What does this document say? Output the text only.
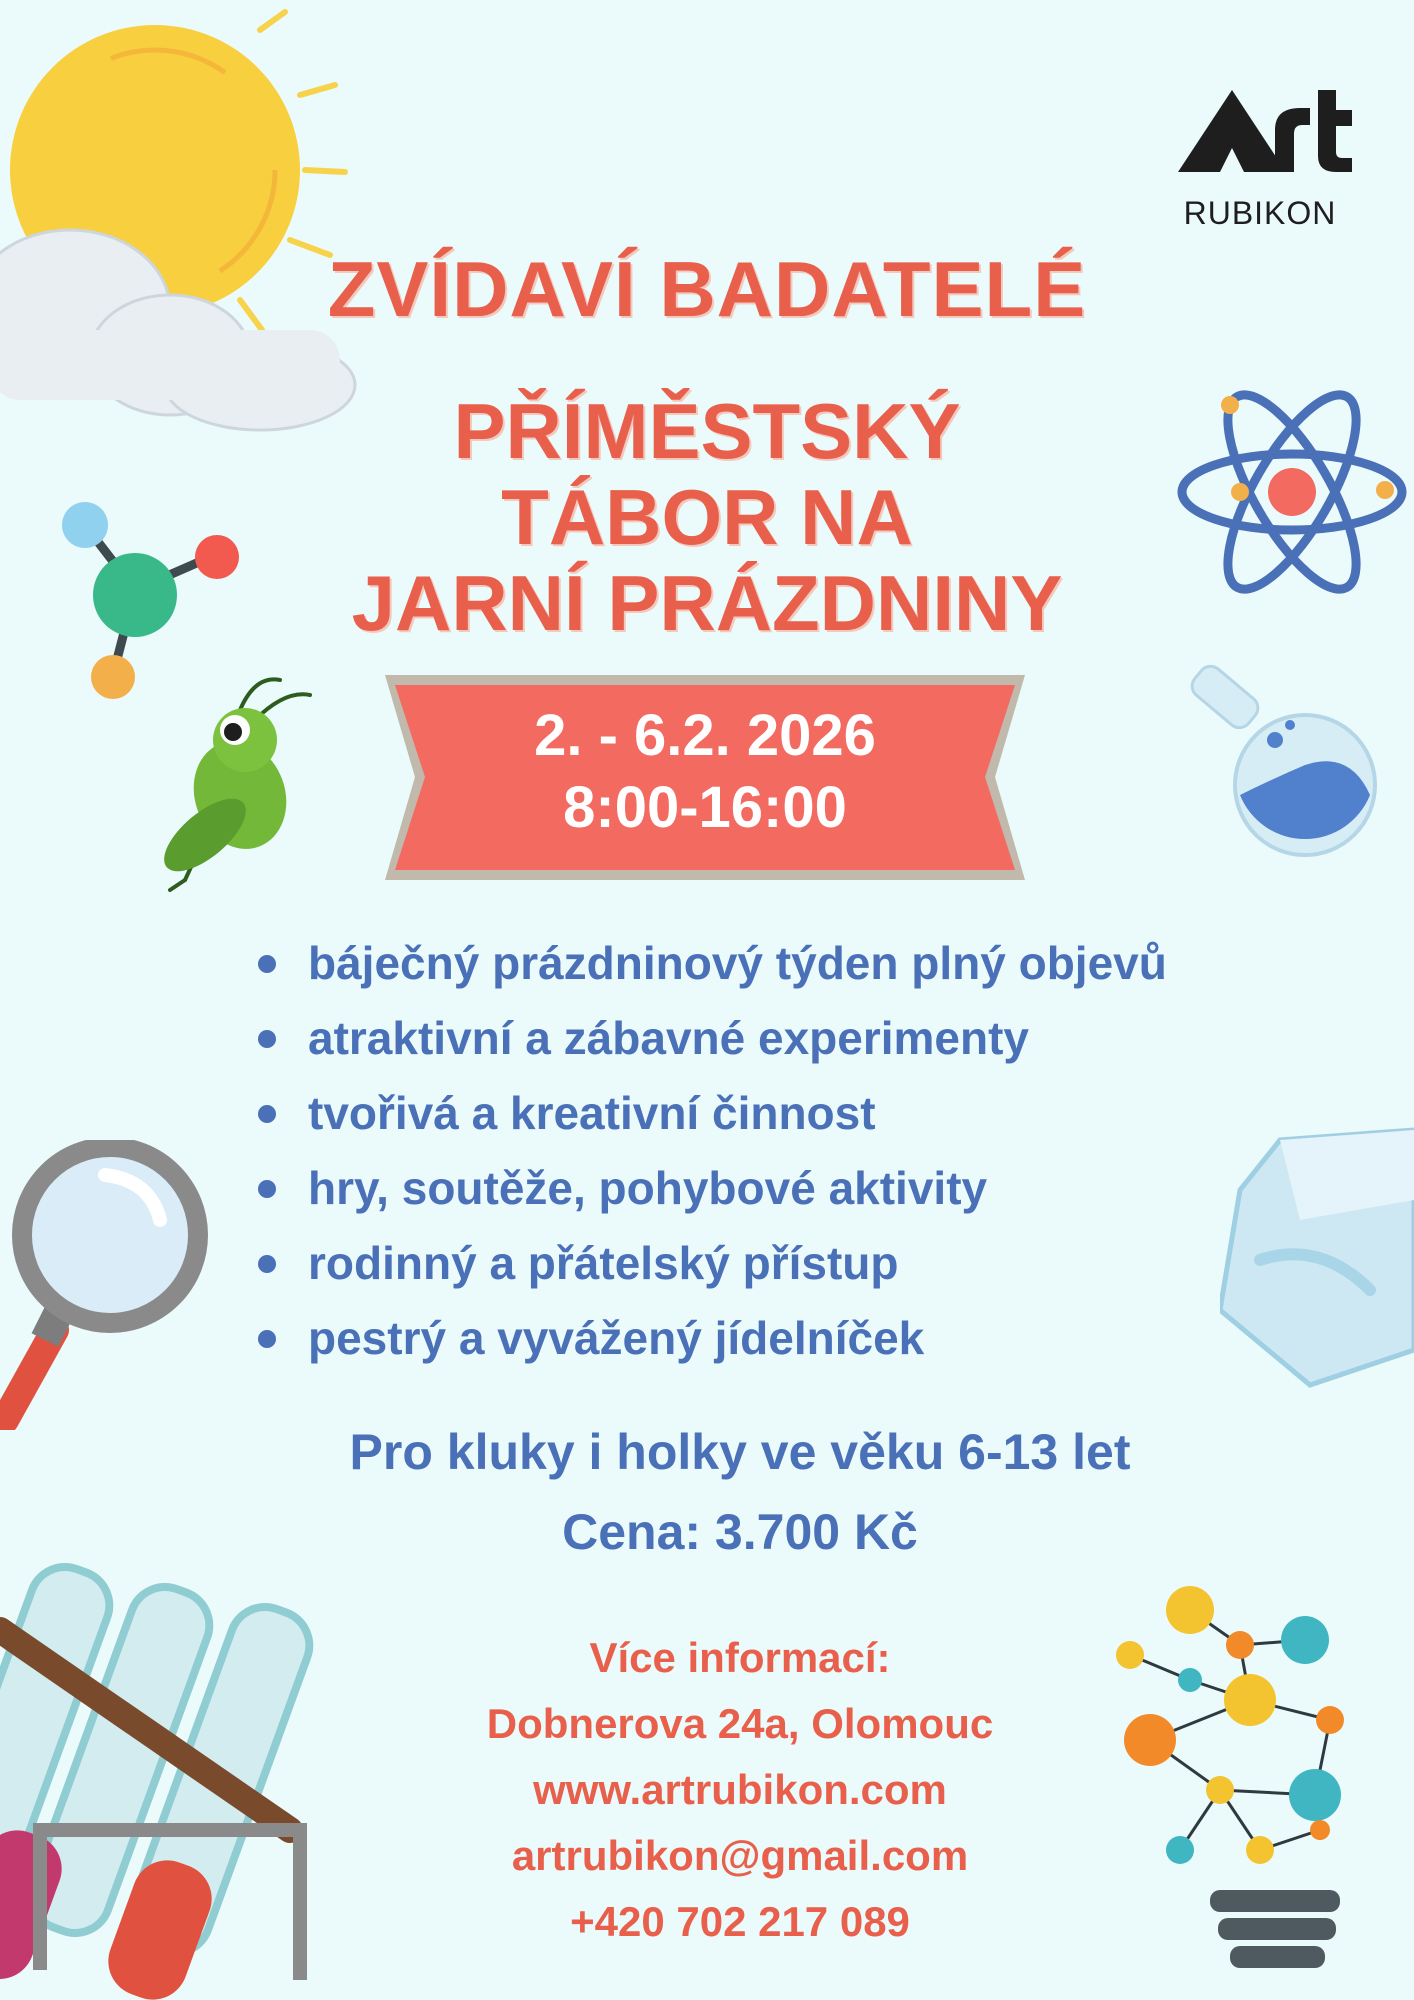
RUBIKON
ZVÍDAVÍ BADATELÉ
PŘÍMĚSTSKÝ
TÁBOR NA
JARNÍ PRÁZDNINY
2. - 6.2. 2026
8:00-16:00
báječný prázdninový týden plný objevů
atraktivní a zábavné experimenty
tvořivá a kreativní činnost
hry, soutěže, pohybové aktivity
rodinný a přátelský přístup
pestrý a vyvážený jídelníček
Pro kluky i holky ve věku 6-13 let
Cena: 3.700 Kč
Více informací:
Dobnerova 24a, Olomouc
www.artrubikon.com
artrubikon@gmail.com
+420 702 217 089
